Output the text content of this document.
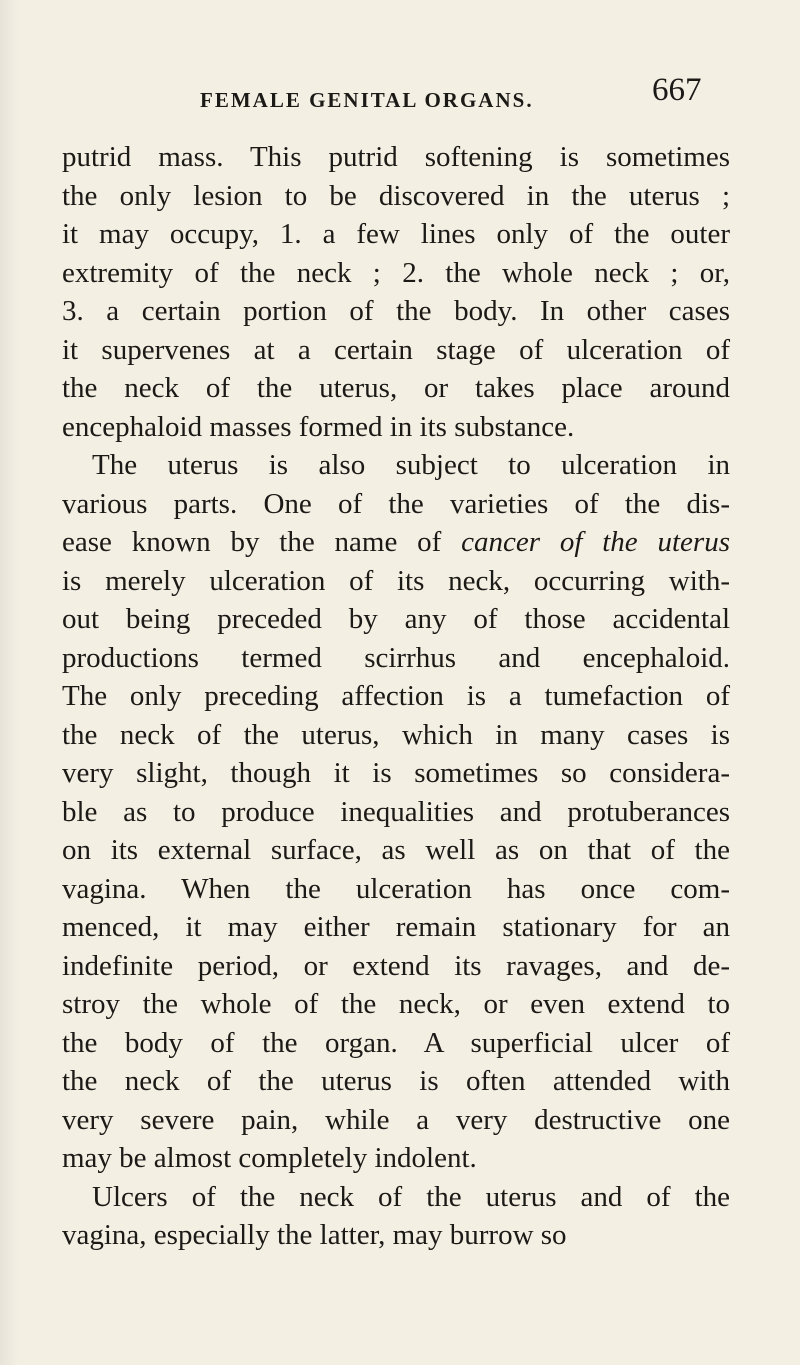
FEMALE GENITAL ORGANS.	667
putrid mass. This putrid softening is sometimes
the only lesion to be discovered in the uterus ;
it may occupy, 1. a few lines only of the outer
extremity of the neck ; 2. the whole neck ; or,
3. a certain portion of the body. In other cases
it supervenes at a certain stage of ulceration of
the neck of the uterus, or takes place around
encephaloid masses formed in its substance.
The uterus is also subject to ulceration in
various parts. One of the varieties of the dis-
ease known by the name of cancer of the uterus
is merely ulceration of its neck, occurring with-
out being preceded by any of those accidental
productions termed scirrhus and encephaloid.
The only preceding affection is a tumefaction of
the neck of the uterus, which in many cases is
very slight, though it is sometimes so considera-
ble as to produce inequalities and protuberances
on its external surface, as well as on that of the
vagina. When the ulceration has once com-
menced, it may either remain stationary for an
indefinite period, or extend its ravages, and de-
stroy the whole of the neck, or even extend to
the body of the organ. A superficial ulcer of
the neck of the uterus is often attended with
very severe pain, while a very destructive one
may be almost completely indolent.
Ulcers of the neck of the uterus and of the
vagina, especially the latter, may burrow so
